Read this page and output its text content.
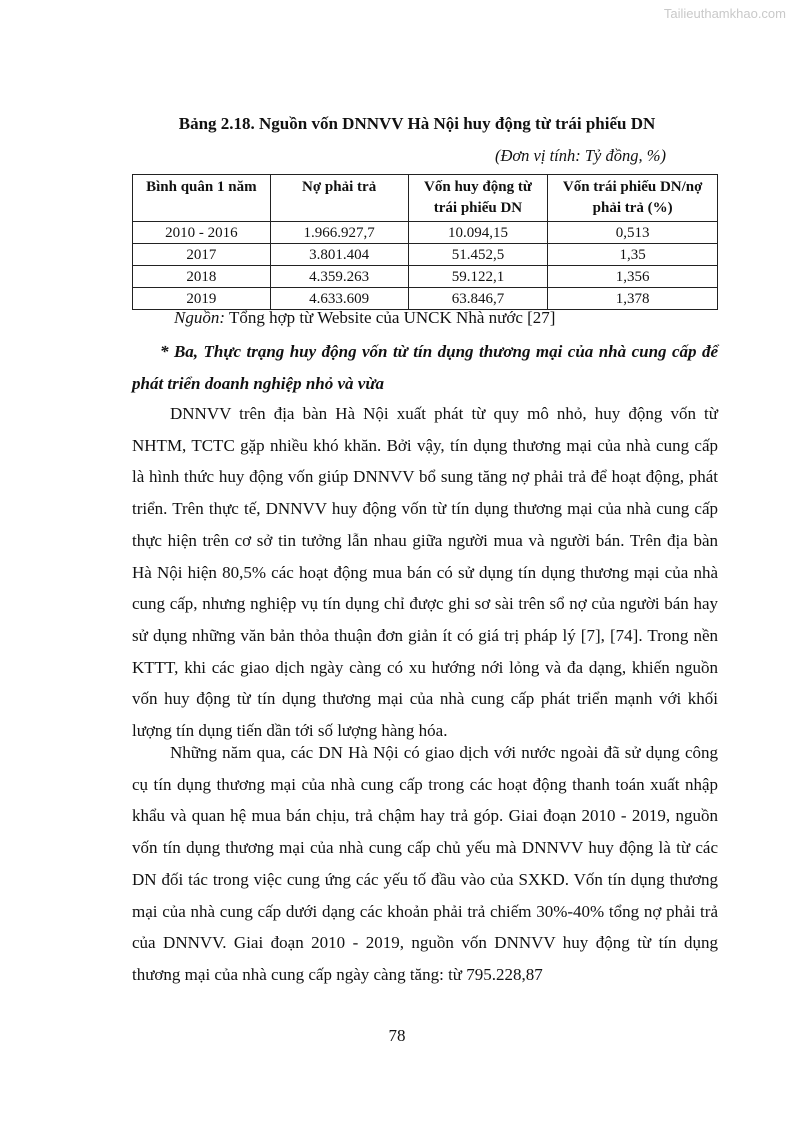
Tailieuthamkhao.com
Bảng 2.18. Nguồn vốn DNNVV Hà Nội huy động từ trái phiếu DN
(Đơn vị tính: Tỷ đồng, %)
Bình quân 1 năm	Nợ phải trả	Vốn huy động từ trái phiếu DN	Vốn trái phiếu DN/nợ phải trả (%)
2010 - 2016	1.966.927,7	10.094,15	0,513
2017	3.801.404	51.452,5	1,35
2018	4.359.263	59.122,1	1,356
2019	4.633.609	63.846,7	1,378
Nguồn: Tổng hợp từ Website của UNCK Nhà nước [27]

* Ba, Thực trạng huy động vốn từ tín dụng thương mại của nhà cung cấp để phát triển doanh nghiệp nhỏ và vừa

DNNVV trên địa bàn Hà Nội xuất phát từ quy mô nhỏ, huy động vốn từ NHTM, TCTC gặp nhiều khó khăn. Bởi vậy, tín dụng thương mại của nhà cung cấp là hình thức huy động vốn giúp DNNVV bổ sung tăng nợ phải trả để hoạt động, phát triển. Trên thực tế, DNNVV huy động vốn từ tín dụng thương mại của nhà cung cấp thực hiện trên cơ sở tin tưởng lẫn nhau giữa người mua và người bán. Trên địa bàn Hà Nội hiện 80,5% các hoạt động mua bán có sử dụng tín dụng thương mại của nhà cung cấp, nhưng nghiệp vụ tín dụng chỉ được ghi sơ sài trên sổ nợ của người bán hay sử dụng những văn bản thỏa thuận đơn giản ít có giá trị pháp lý [7], [74]. Trong nền KTTT, khi các giao dịch ngày càng có xu hướng nới lỏng và đa dạng, khiến nguồn vốn huy động từ tín dụng thương mại của nhà cung cấp phát triển mạnh với khối lượng tín dụng tiến dần tới số lượng hàng hóa.

Những năm qua, các DN Hà Nội có giao dịch với nước ngoài đã sử dụng công cụ tín dụng thương mại của nhà cung cấp trong các hoạt động thanh toán xuất nhập khẩu và quan hệ mua bán chịu, trả chậm hay trả góp. Giai đoạn 2010 - 2019, nguồn vốn tín dụng thương mại của nhà cung cấp chủ yếu mà DNNVV huy động là từ các DN đối tác trong việc cung ứng các yếu tố đầu vào của SXKD. Vốn tín dụng thương mại của nhà cung cấp dưới dạng các khoản phải trả chiếm 30%-40% tổng nợ phải trả của DNNVV. Giai đoạn 2010 - 2019, nguồn vốn DNNVV huy động từ tín dụng thương mại của nhà cung cấp ngày càng tăng: từ 795.228,87

78
